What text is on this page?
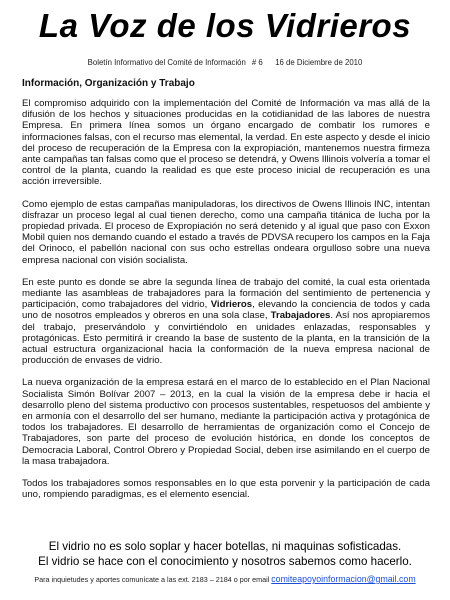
La Voz de los Vidrieros
Boletín Informativo del Comité de Información # 6 16 de Diciembre de 2010
Información, Organización y Trabajo

El compromiso adquirido con la implementación del Comité de Información va mas allá de la difusión de los hechos y situaciones producidas en la cotidianidad de las labores de nuestra Empresa. En primera línea somos un órgano encargado de combatir los rumores e informaciones falsas, con el recurso mas elemental, la verdad. En este aspecto y desde el inicio del proceso de recuperación de la Empresa con la expropiación, mantenemos nuestra firmeza ante campañas tan falsas como que el proceso se detendrá, y Owens Illinois volvería a tomar el control de la planta, cuando la realidad es que este proceso inicial de recuperación es una acción irreversible.

Como ejemplo de estas campañas manipuladoras, los directivos de Owens Illinois INC, intentan disfrazar un proceso legal al cual tienen derecho, como una campaña titánica de lucha por la propiedad privada. El proceso de Expropiación no será detenido y al igual que paso con Exxon Mobil quien nos demando cuando el estado a través de PDVSA recupero los campos en la Faja del Orinoco, el pabellón nacional con sus ocho estrellas ondeara orgulloso sobre una nueva empresa nacional con visión socialista.

En este punto es donde se abre la segunda línea de trabajo del comité, la cual esta orientada mediante las asambleas de trabajadores para la formación del sentimiento de pertenencia y participación, como trabajadores del vidrio, Vidrieros, elevando la conciencia de todos y cada uno de nosotros empleados y obreros en una sola clase, Trabajadores. Así nos apropiaremos del trabajo, preservándolo y convirtiéndolo en unidades enlazadas, responsables y protagónicas. Esto permitirá ir creando la base de sustento de la planta, en la transición de la actual estructura organizacional hacia la conformación de la nueva empresa nacional de producción de envases de vidrio.

La nueva organización de la empresa estará en el marco de lo establecido en el Plan Nacional Socialista Simón Bolívar 2007 – 2013, en la cual la visión de la empresa debe ir hacia el desarrollo pleno del sistema productivo con procesos sustentables, respetuosos del ambiente y en armonía con el desarrollo del ser humano, mediante la participación activa y protagónica de todos los trabajadores. El desarrollo de herramientas de organización como el Concejo de Trabajadores, son parte del proceso de evolución histórica, en donde los conceptos de Democracia Laboral, Control Obrero y Propiedad Social, deben irse asimilando en el cuerpo de la masa trabajadora.

Todos los trabajadores somos responsables en lo que esta porvenir y la participación de cada uno, rompiendo paradigmas, es el elemento esencial.

El vidrio no es solo soplar y hacer botellas, ni maquinas sofisticadas.
El vidrio se hace con el conocimiento y nosotros sabemos como hacerlo.
Para inquietudes y aportes comunícate a las ext. 2183 – 2184 o por email comiteapoyoinformacion@gmail.com
